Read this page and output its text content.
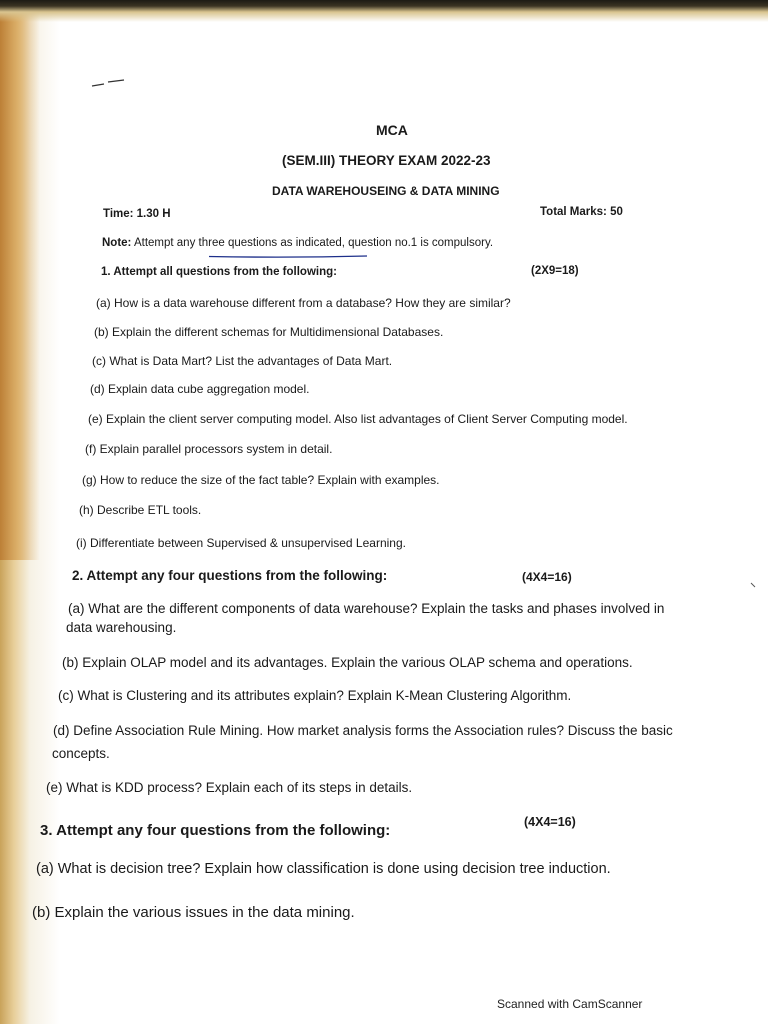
MCA
(SEM.III) THEORY EXAM 2022-23
DATA WAREHOUSEING & DATA MINING
Time: 1.30 H	Total Marks: 50
Note: Attempt any three questions as indicated, question no.1 is compulsory.
1. Attempt all questions from the following:	(2X9=18)
(a) How is a data warehouse different from a database? How they are similar?
(b) Explain the different schemas for Multidimensional Databases.
(c) What is Data Mart? List the advantages of Data Mart.
(d) Explain data cube aggregation model.
(e) Explain the client server computing model. Also list advantages of Client Server Computing model.
(f) Explain parallel processors system in detail.
(g) How to reduce the size of the fact table? Explain with examples.
(h) Describe ETL tools.
(i) Differentiate between Supervised & unsupervised Learning.
2. Attempt any four questions from the following:	(4X4=16)
(a) What are the different components of data warehouse? Explain the tasks and phases involved in
data warehousing.
(b) Explain OLAP model and its advantages. Explain the various OLAP schema and operations.
(c) What is Clustering and its attributes explain? Explain K-Mean Clustering Algorithm.
(d) Define Association Rule Mining. How market analysis forms the Association rules? Discuss the basic
concepts.
(e) What is KDD process? Explain each of its steps in details.
3. Attempt any four questions from the following:	(4X4=16)
(a) What is decision tree? Explain how classification is done using decision tree induction.
(b) Explain the various issues in the data mining.
Scanned with CamScanner
